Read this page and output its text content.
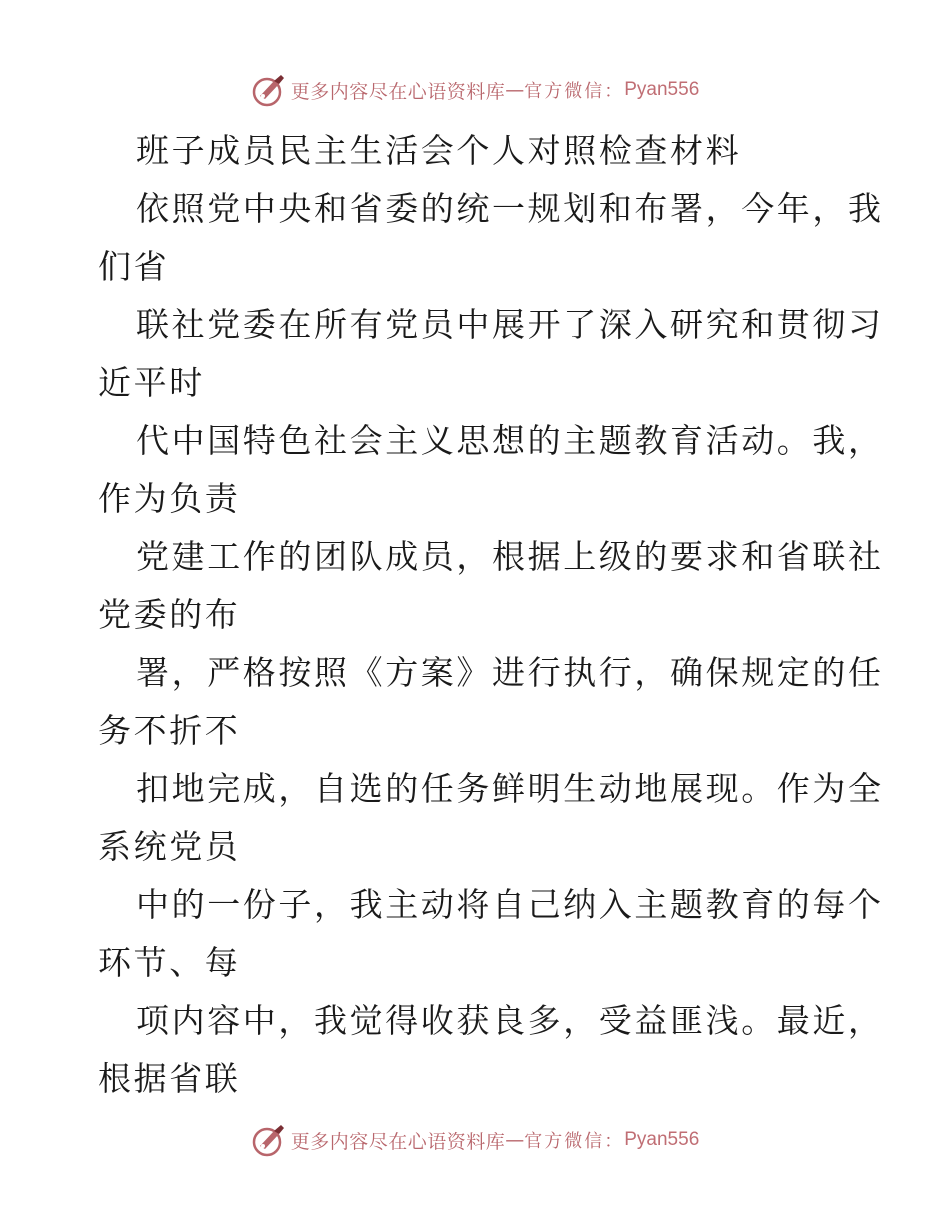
更多内容尽在心语资料库 — 官方微信： Pyan556
班子成员民主生活会个人对照检查材料
依照党中央和省委的统一规划和布署，今年，我
们省
联社党委在所有党员中展开了深入研究和贯彻习
近平时
代中国特色社会主义思想的主题教育活动。我，
作为负责
党建工作的团队成员，根据上级的要求和省联社
党委的布
署，严格按照《方案》进行执行，确保规定的任
务不折不
扣地完成，自选的任务鲜明生动地展现。作为全
系统党员
中的一份子，我主动将自己纳入主题教育的每个
环节、每
项内容中，我觉得收获良多，受益匪浅。最近，
根据省联
更多内容尽在心语资料库 — 官方微信： Pyan556
